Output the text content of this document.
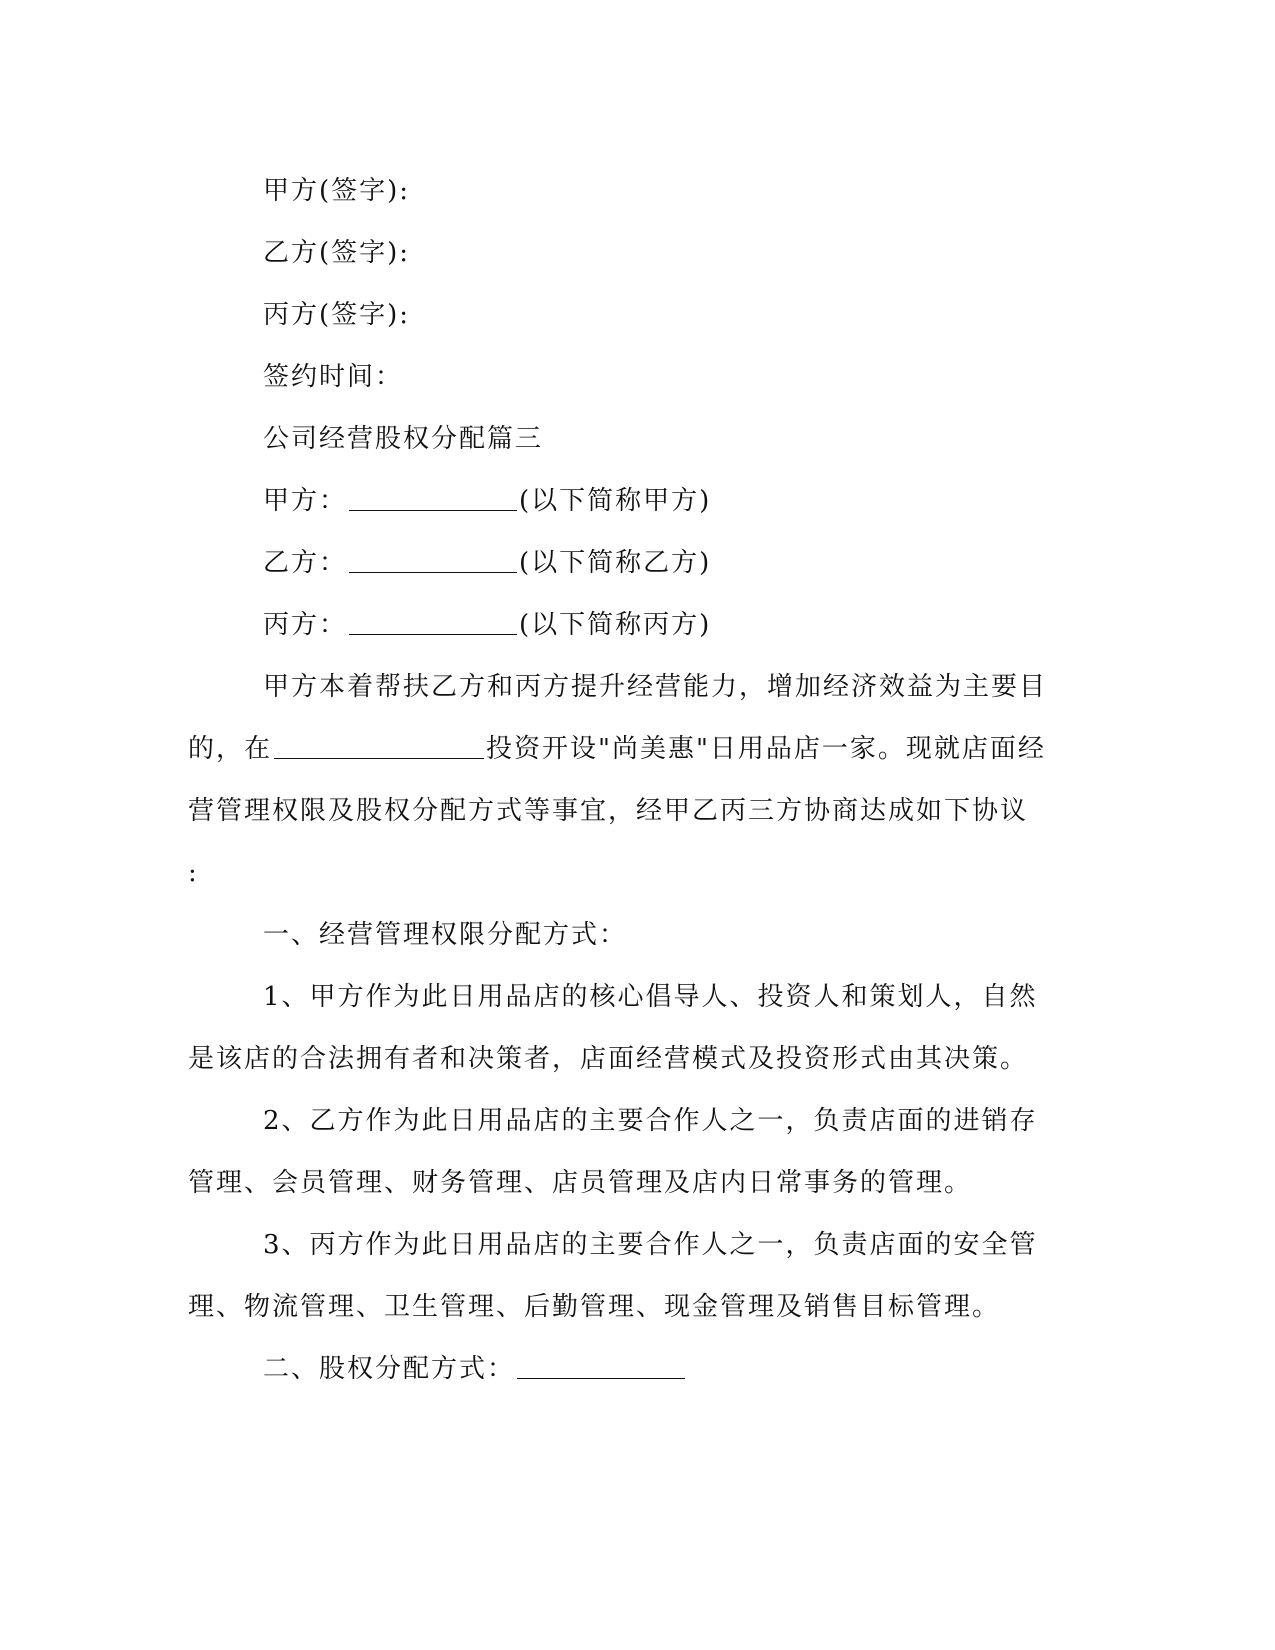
甲方(签字):
乙方(签字):
丙方(签字):
签约时间：
公司经营股权分配篇三
甲方：	(以下简称甲方)
乙方：	(以下简称乙方)
丙方：	(以下简称丙方)
甲方本着帮扶乙方和丙方提升经营能力，增加经济效益为主要目
的，在	投资开设"尚美惠"日用品店一家。现就店面经
营管理权限及股权分配方式等事宜，经甲乙丙三方协商达成如下协议
:
一、经营管理权限分配方式：
1、甲方作为此日用品店的核心倡导人、投资人和策划人，自然
是该店的合法拥有者和决策者，店面经营模式及投资形式由其决策。
2、乙方作为此日用品店的主要合作人之一，负责店面的进销存
管理、会员管理、财务管理、店员管理及店内日常事务的管理。
3、丙方作为此日用品店的主要合作人之一，负责店面的安全管
理、物流管理、卫生管理、后勤管理、现金管理及销售目标管理。
二、股权分配方式：
